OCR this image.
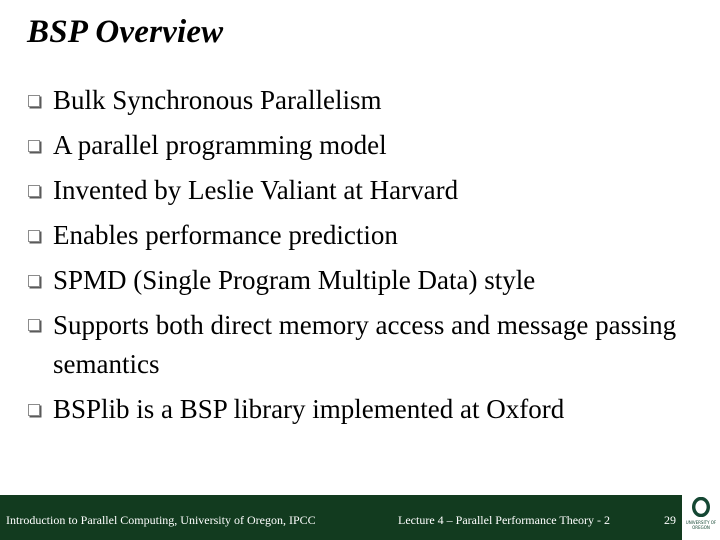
BSP Overview
Bulk Synchronous Parallelism
A parallel programming model
Invented by Leslie Valiant at Harvard
Enables performance prediction
SPMD (Single Program Multiple Data) style
Supports both direct memory access and message passing semantics
BSPlib is a BSP library implemented at Oxford
Introduction to Parallel Computing, University of Oregon, IPCC	Lecture 4 – Parallel Performance Theory - 2	29 UNIVERSITY OF OREGON
